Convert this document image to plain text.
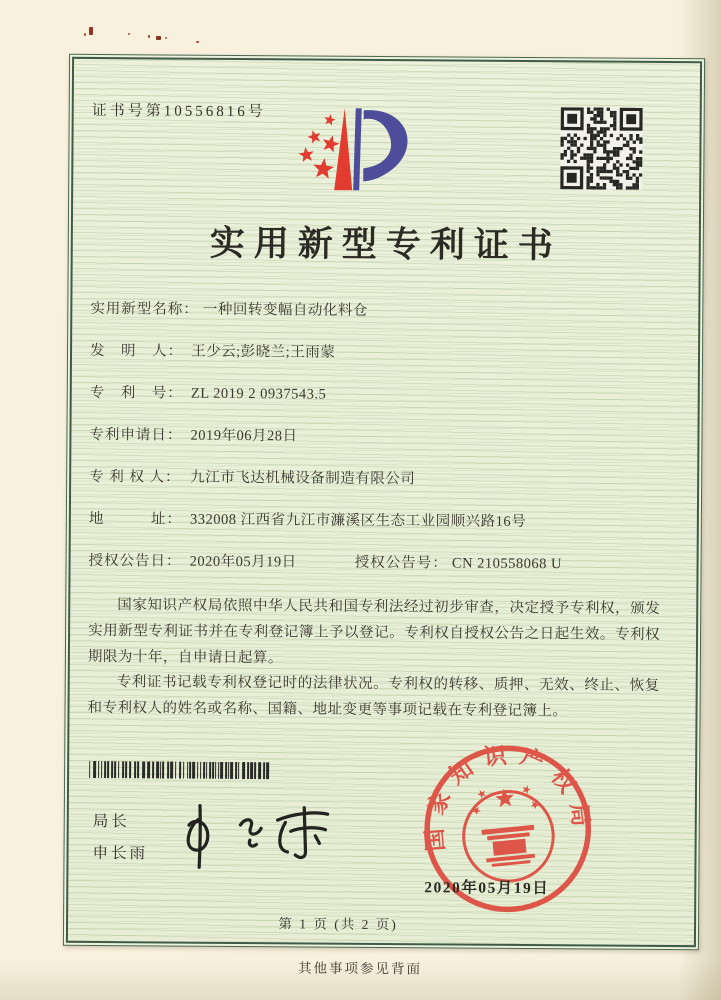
证书号第10556816号
实用新型专利证书
实用新型名称： 一种回转变幅自动化料仓
发　明　人： 王少云;彭晓兰;王雨蒙
专　利　号： ZL 2019 2 0937543.5
专利申请日： 2019年06月28日
专 利 权 人： 九江市飞达机械设备制造有限公司
地　　　址： 332008 江西省九江市濂溪区生态工业园顺兴路16号
授权公告日： 2020年05月19日	授权公告号： CN 210558068 U

国家知识产权局依照中华人民共和国专利法经过初步审查，决定授予专利权，颁发实用新型专利证书并在专利登记簿上予以登记。专利权自授权公告之日起生效。专利权期限为十年，自申请日起算。

专利证书记载专利权登记时的法律状况。专利权的转移、质押、无效、终止、恢复和专利权人的姓名或名称、国籍、地址变更等事项记载在专利登记簿上。

局长
申长雨
国家知识产权局
2020年05月19日
第 1 页 (共 2 页)
其他事项参见背面
